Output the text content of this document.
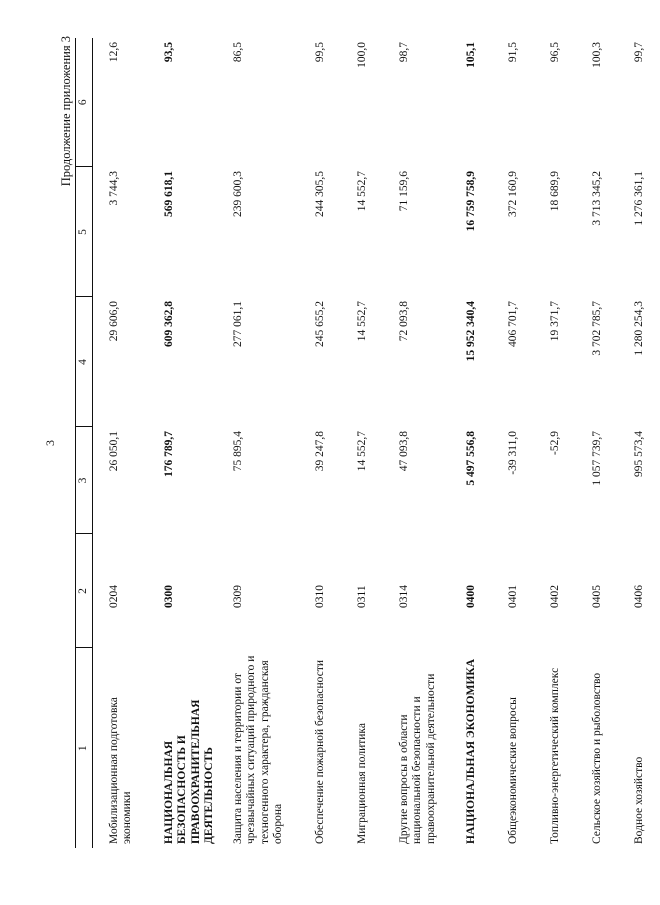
3
Продолжение приложения 3
1	2	3	4	5	6
Мобилизационная подготовка экономики	0204	26 050,1	29 606,0	3 744,3	12,6
НАЦИОНАЛЬНАЯ БЕЗОПАСНОСТЬ И ПРАВООХРАНИТЕЛЬНАЯ ДЕЯТЕЛЬНОСТЬ	0300	176 789,7	609 362,8	569 618,1	93,5
Защита населения и территории от чрезвычайных ситуаций природного и техногенного характера, гражданская оборона	0309	75 895,4	277 061,1	239 600,3	86,5
Обеспечение пожарной безопасности	0310	39 247,8	245 655,2	244 305,5	99,5
Миграционная политика	0311	14 552,7	14 552,7	14 552,7	100,0
Другие вопросы в области национальной безопасности и правоохранительной деятельности	0314	47 093,8	72 093,8	71 159,6	98,7
НАЦИОНАЛЬНАЯ ЭКОНОМИКА	0400	5 497 556,8	15 952 340,4	16 759 758,9	105,1
Общеэкономические вопросы	0401	-39 311,0	406 701,7	372 160,9	91,5
Топливно-энергетический комплекс	0402	-52,9	19 371,7	18 689,9	96,5
Сельское хозяйство и рыболовство	0405	1 057 739,7	3 702 785,7	3 713 345,2	100,3
Водное хозяйство	0406	995 573,4	1 280 254,3	1 276 361,1	99,7
